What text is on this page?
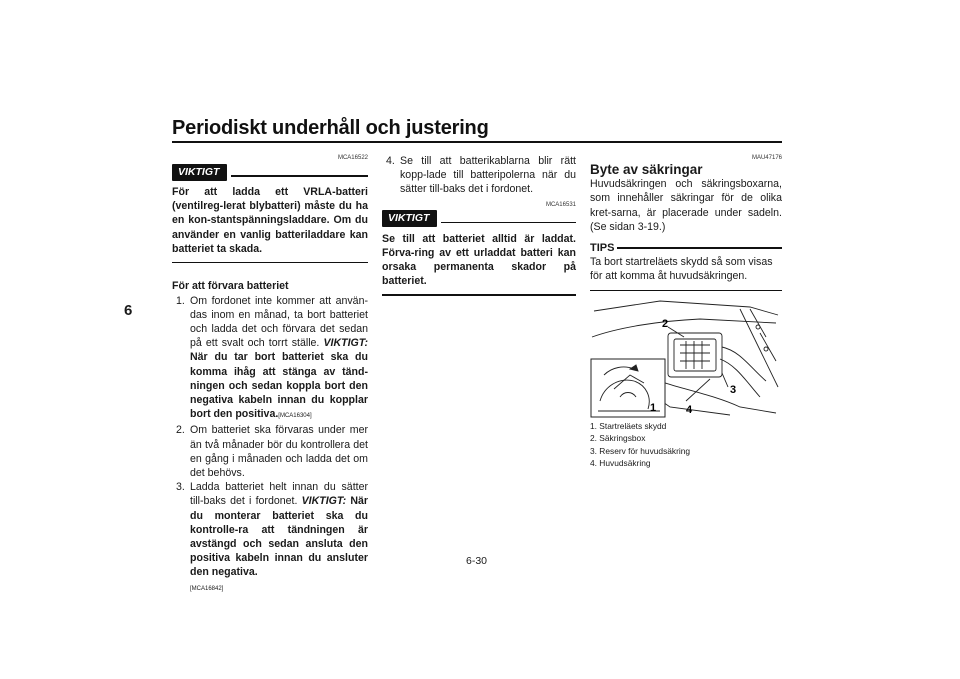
Periodiskt underhåll och justering
6
MCA16522
VIKTIGT
För att ladda ett VRLA-batteri (ventilreg-lerat blybatteri) måste du ha en kon-stantspänningsladdare. Om du använder en vanlig batteriladdare kan batteriet ta skada.
För att förvara batteriet
1. Om fordonet inte kommer att använ-das inom en månad, ta bort batteriet och ladda det och förvara det sedan på ett svalt och torrt ställe. VIKTIGT: När du tar bort batteriet ska du komma ihåg att stänga av tänd-ningen och sedan koppla bort den negativa kabeln innan du kopplar bort den positiva.[MCA16304]
2. Om batteriet ska förvaras under mer än två månader bör du kontrollera det en gång i månaden och ladda det om det behövs.
3. Ladda batteriet helt innan du sätter till-baks det i fordonet. VIKTIGT: När du monterar batteriet ska du kontrolle-ra att tändningen är avstängd och sedan ansluta den positiva kabeln innan du ansluter den negativa.
[MCA16842]
4. Se till att batterikablarna blir rätt kopp-lade till batteripolerna när du sätter till-baks det i fordonet.
MCA16531
VIKTIGT
Se till att batteriet alltid är laddat. Förva-ring av ett urladdat batteri kan orsaka permanenta skador på batteriet.
MAU47176
Byte av säkringar
Huvudsäkringen och säkringsboxarna, som innehåller säkringar för de olika kret-sarna, är placerade under sadeln. (Se sidan 3-19.)
TIPS
Ta bort startreläets skydd så som visas för att komma åt huvudsäkringen.
2
3
4
1
1. Startreläets skydd
2. Säkringsbox
3. Reserv för huvudsäkring
4. Huvudsäkring
6-30
